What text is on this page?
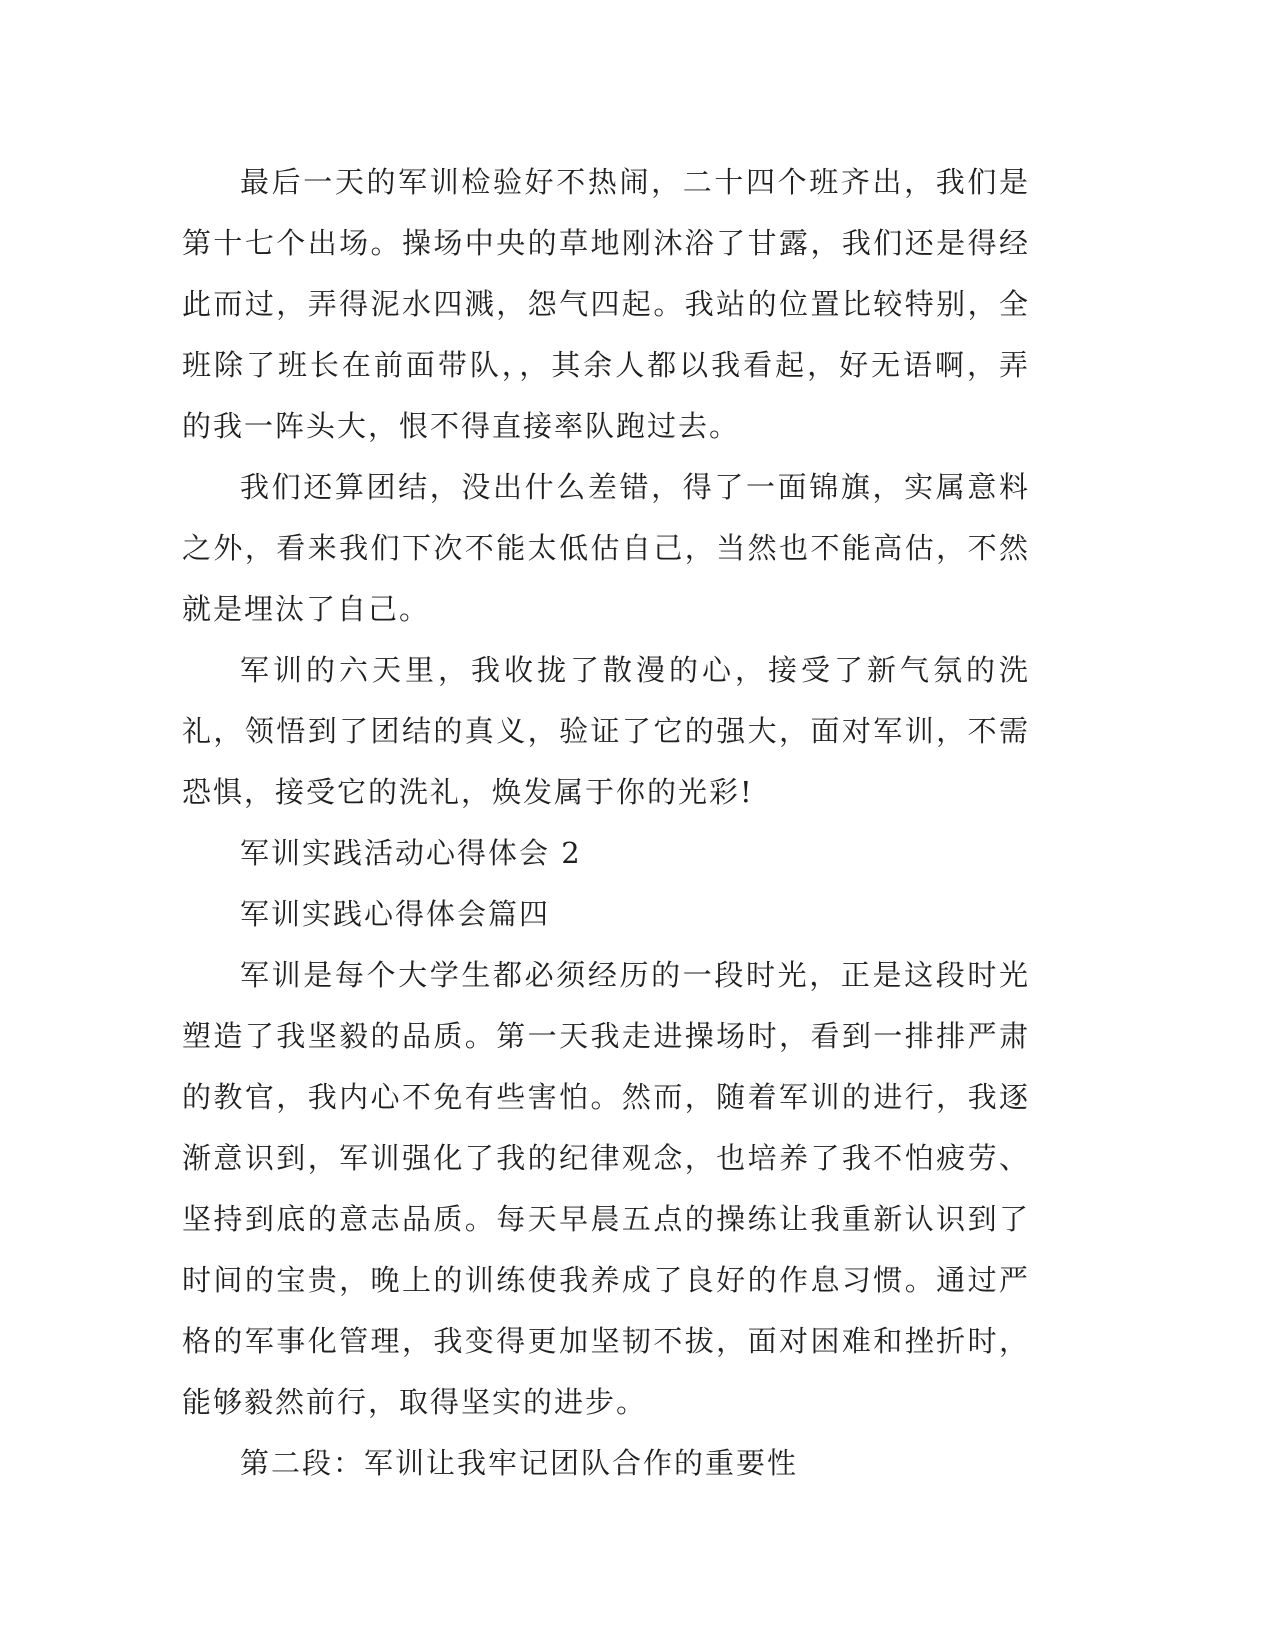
最后一天的军训检验好不热闹，二十四个班齐出，我们是第十七个出场。操场中央的草地刚沐浴了甘露，我们还是得经此而过，弄得泥水四溅，怨气四起。我站的位置比较特别，全班除了班长在前面带队，，其余人都以我看起，好无语啊，弄的我一阵头大，恨不得直接率队跑过去。

我们还算团结，没出什么差错，得了一面锦旗，实属意料之外，看来我们下次不能太低估自己，当然也不能高估，不然就是埋汰了自己。

军训的六天里，我收拢了散漫的心，接受了新气氛的洗礼，领悟到了团结的真义，验证了它的强大，面对军训，不需恐惧，接受它的洗礼，焕发属于你的光彩!

军训实践活动心得体会 2

军训实践心得体会篇四

军训是每个大学生都必须经历的一段时光，正是这段时光塑造了我坚毅的品质。第一天我走进操场时，看到一排排严肃的教官，我内心不免有些害怕。然而，随着军训的进行，我逐渐意识到，军训强化了我的纪律观念，也培养了我不怕疲劳、坚持到底的意志品质。每天早晨五点的操练让我重新认识到了时间的宝贵，晚上的训练使我养成了良好的作息习惯。通过严格的军事化管理，我变得更加坚韧不拔，面对困难和挫折时，能够毅然前行，取得坚实的进步。

第二段：军训让我牢记团队合作的重要性
